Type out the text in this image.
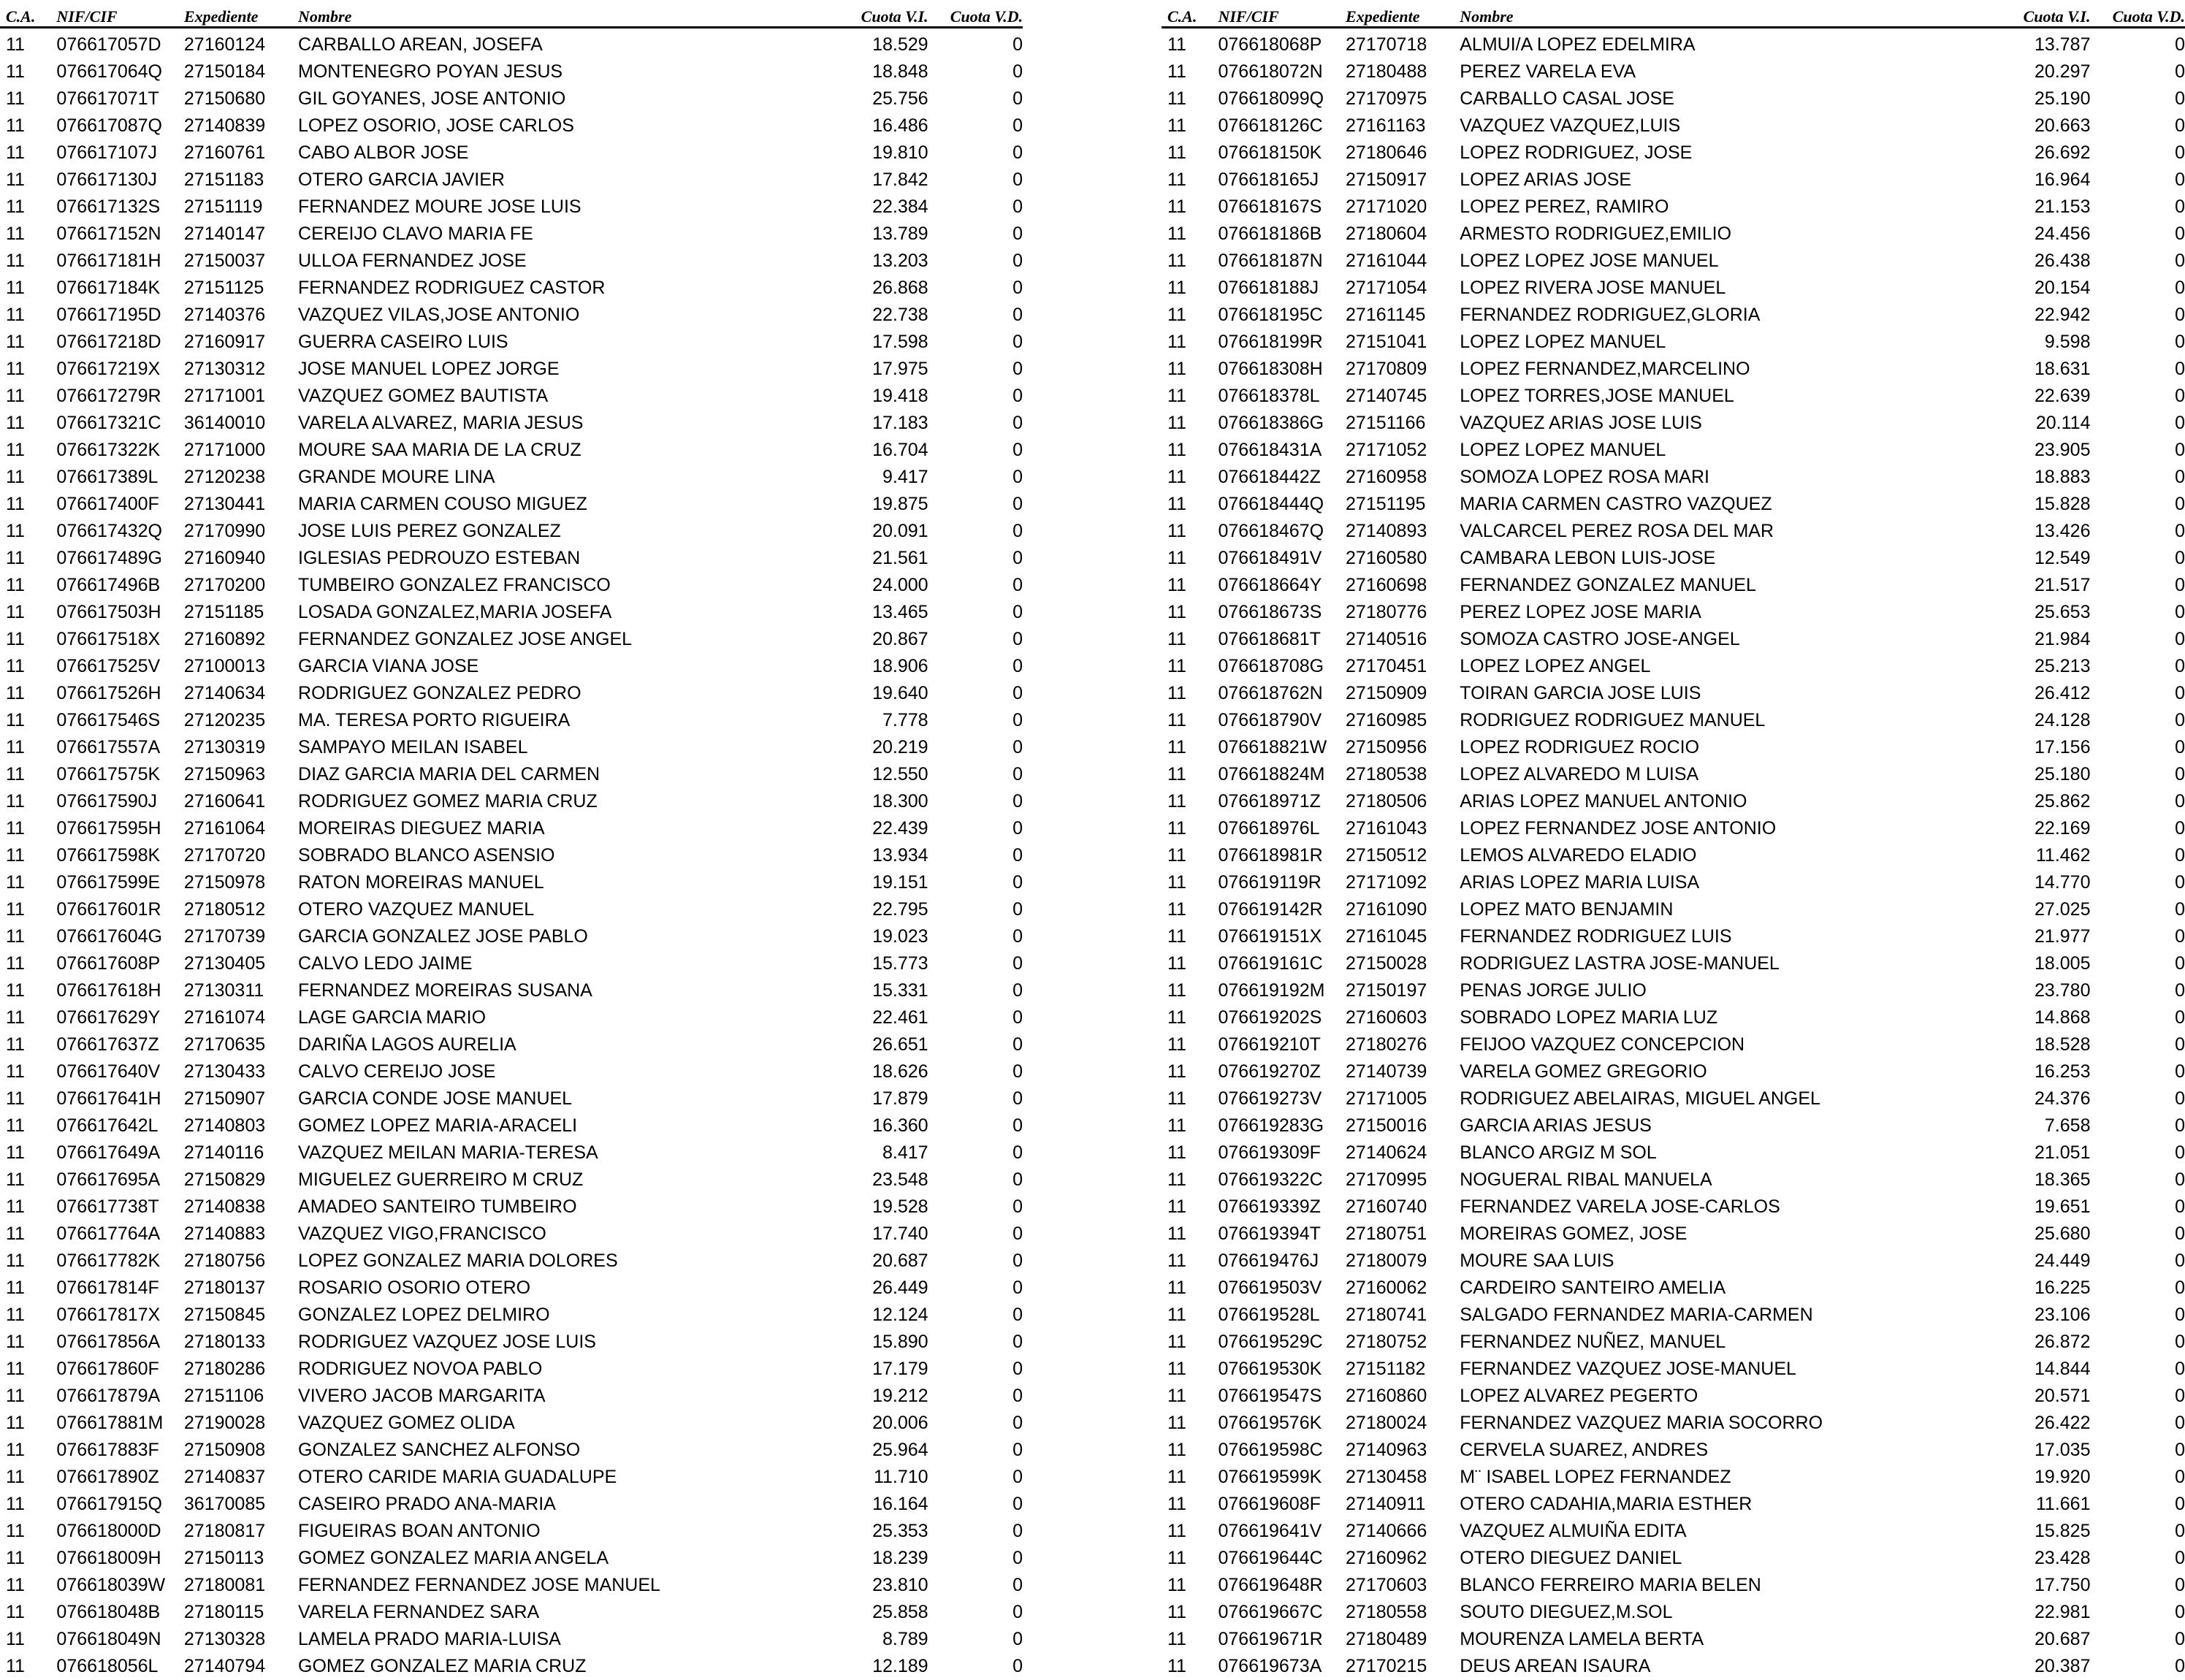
C.A.	NIF/CIF	Expediente	Nombre	Cuota V.I.	Cuota V.D.
11	076617057D	27160124	CARBALLO AREAN, JOSEFA	18.529	0
11	076617064Q	27150184	MONTENEGRO POYAN JESUS	18.848	0
11	076617071T	27150680	GIL GOYANES, JOSE ANTONIO	25.756	0
11	076617087Q	27140839	LOPEZ OSORIO, JOSE CARLOS	16.486	0
11	076617107J	27160761	CABO ALBOR JOSE	19.810	0
11	076617130J	27151183	OTERO GARCIA JAVIER	17.842	0
11	076617132S	27151119	FERNANDEZ MOURE JOSE LUIS	22.384	0
11	076617152N	27140147	CEREIJO CLAVO MARIA FE	13.789	0
11	076617181H	27150037	ULLOA FERNANDEZ JOSE	13.203	0
11	076617184K	27151125	FERNANDEZ RODRIGUEZ CASTOR	26.868	0
11	076617195D	27140376	VAZQUEZ VILAS,JOSE ANTONIO	22.738	0
11	076617218D	27160917	GUERRA CASEIRO LUIS	17.598	0
11	076617219X	27130312	JOSE MANUEL LOPEZ JORGE	17.975	0
11	076617279R	27171001	VAZQUEZ GOMEZ BAUTISTA	19.418	0
11	076617321C	36140010	VARELA ALVAREZ, MARIA JESUS	17.183	0
11	076617322K	27171000	MOURE SAA MARIA DE LA CRUZ	16.704	0
11	076617389L	27120238	GRANDE MOURE LINA	9.417	0
11	076617400F	27130441	MARIA CARMEN COUSO MIGUEZ	19.875	0
11	076617432Q	27170990	JOSE LUIS PEREZ GONZALEZ	20.091	0
11	076617489G	27160940	IGLESIAS PEDROUZO ESTEBAN	21.561	0
11	076617496B	27170200	TUMBEIRO GONZALEZ FRANCISCO	24.000	0
11	076617503H	27151185	LOSADA GONZALEZ,MARIA JOSEFA	13.465	0
11	076617518X	27160892	FERNANDEZ GONZALEZ JOSE ANGEL	20.867	0
11	076617525V	27100013	GARCIA VIANA JOSE	18.906	0
11	076617526H	27140634	RODRIGUEZ GONZALEZ PEDRO	19.640	0
11	076617546S	27120235	MA. TERESA PORTO RIGUEIRA	7.778	0
11	076617557A	27130319	SAMPAYO MEILAN ISABEL	20.219	0
11	076617575K	27150963	DIAZ GARCIA MARIA DEL CARMEN	12.550	0
11	076617590J	27160641	RODRIGUEZ GOMEZ MARIA CRUZ	18.300	0
11	076617595H	27161064	MOREIRAS DIEGUEZ MARIA	22.439	0
11	076617598K	27170720	SOBRADO BLANCO ASENSIO	13.934	0
11	076617599E	27150978	RATON MOREIRAS MANUEL	19.151	0
11	076617601R	27180512	OTERO VAZQUEZ MANUEL	22.795	0
11	076617604G	27170739	GARCIA GONZALEZ JOSE PABLO	19.023	0
11	076617608P	27130405	CALVO LEDO JAIME	15.773	0
11	076617618H	27130311	FERNANDEZ MOREIRAS SUSANA	15.331	0
11	076617629Y	27161074	LAGE GARCIA MARIO	22.461	0
11	076617637Z	27170635	DARIÑA LAGOS AURELIA	26.651	0
11	076617640V	27130433	CALVO CEREIJO JOSE	18.626	0
11	076617641H	27150907	GARCIA CONDE JOSE MANUEL	17.879	0
11	076617642L	27140803	GOMEZ LOPEZ MARIA-ARACELI	16.360	0
11	076617649A	27140116	VAZQUEZ MEILAN MARIA-TERESA	8.417	0
11	076617695A	27150829	MIGUELEZ GUERREIRO M CRUZ	23.548	0
11	076617738T	27140838	AMADEO SANTEIRO TUMBEIRO	19.528	0
11	076617764A	27140883	VAZQUEZ VIGO,FRANCISCO	17.740	0
11	076617782K	27180756	LOPEZ GONZALEZ MARIA DOLORES	20.687	0
11	076617814F	27180137	ROSARIO OSORIO OTERO	26.449	0
11	076617817X	27150845	GONZALEZ LOPEZ DELMIRO	12.124	0
11	076617856A	27180133	RODRIGUEZ VAZQUEZ JOSE LUIS	15.890	0
11	076617860F	27180286	RODRIGUEZ NOVOA PABLO	17.179	0
11	076617879A	27151106	VIVERO JACOB MARGARITA	19.212	0
11	076617881M	27190028	VAZQUEZ GOMEZ OLIDA	20.006	0
11	076617883F	27150908	GONZALEZ SANCHEZ ALFONSO	25.964	0
11	076617890Z	27140837	OTERO CARIDE MARIA GUADALUPE	11.710	0
11	076617915Q	36170085	CASEIRO PRADO ANA-MARIA	16.164	0
11	076618000D	27180817	FIGUEIRAS BOAN ANTONIO	25.353	0
11	076618009H	27150113	GOMEZ GONZALEZ MARIA ANGELA	18.239	0
11	076618039W	27180081	FERNANDEZ FERNANDEZ JOSE MANUEL	23.810	0
11	076618048B	27180115	VARELA FERNANDEZ SARA	25.858	0
11	076618049N	27130328	LAMELA PRADO MARIA-LUISA	8.789	0
11	076618056L	27140794	GOMEZ GONZALEZ MARIA CRUZ	12.189	0
C.A.	NIF/CIF	Expediente	Nombre	Cuota V.I.	Cuota V.D.
11	076618068P	27170718	ALMUI/A LOPEZ EDELMIRA	13.787	0
11	076618072N	27180488	PEREZ VARELA EVA	20.297	0
11	076618099Q	27170975	CARBALLO CASAL JOSE	25.190	0
11	076618126C	27161163	VAZQUEZ VAZQUEZ,LUIS	20.663	0
11	076618150K	27180646	LOPEZ RODRIGUEZ, JOSE	26.692	0
11	076618165J	27150917	LOPEZ ARIAS JOSE	16.964	0
11	076618167S	27171020	LOPEZ PEREZ, RAMIRO	21.153	0
11	076618186B	27180604	ARMESTO RODRIGUEZ,EMILIO	24.456	0
11	076618187N	27161044	LOPEZ LOPEZ JOSE MANUEL	26.438	0
11	076618188J	27171054	LOPEZ RIVERA JOSE MANUEL	20.154	0
11	076618195C	27161145	FERNANDEZ RODRIGUEZ,GLORIA	22.942	0
11	076618199R	27151041	LOPEZ LOPEZ MANUEL	9.598	0
11	076618308H	27170809	LOPEZ FERNANDEZ,MARCELINO	18.631	0
11	076618378L	27140745	LOPEZ TORRES,JOSE MANUEL	22.639	0
11	076618386G	27151166	VAZQUEZ ARIAS JOSE LUIS	20.114	0
11	076618431A	27171052	LOPEZ LOPEZ MANUEL	23.905	0
11	076618442Z	27160958	SOMOZA LOPEZ ROSA MARI	18.883	0
11	076618444Q	27151195	MARIA CARMEN CASTRO VAZQUEZ	15.828	0
11	076618467Q	27140893	VALCARCEL PEREZ ROSA DEL MAR	13.426	0
11	076618491V	27160580	CAMBARA LEBON LUIS-JOSE	12.549	0
11	076618664Y	27160698	FERNANDEZ GONZALEZ MANUEL	21.517	0
11	076618673S	27180776	PEREZ LOPEZ JOSE MARIA	25.653	0
11	076618681T	27140516	SOMOZA CASTRO JOSE-ANGEL	21.984	0
11	076618708G	27170451	LOPEZ LOPEZ ANGEL	25.213	0
11	076618762N	27150909	TOIRAN GARCIA JOSE LUIS	26.412	0
11	076618790V	27160985	RODRIGUEZ RODRIGUEZ MANUEL	24.128	0
11	076618821W	27150956	LOPEZ RODRIGUEZ ROCIO	17.156	0
11	076618824M	27180538	LOPEZ ALVAREDO M LUISA	25.180	0
11	076618971Z	27180506	ARIAS LOPEZ MANUEL ANTONIO	25.862	0
11	076618976L	27161043	LOPEZ FERNANDEZ JOSE ANTONIO	22.169	0
11	076618981R	27150512	LEMOS ALVAREDO ELADIO	11.462	0
11	076619119R	27171092	ARIAS LOPEZ MARIA LUISA	14.770	0
11	076619142R	27161090	LOPEZ MATO BENJAMIN	27.025	0
11	076619151X	27161045	FERNANDEZ RODRIGUEZ LUIS	21.977	0
11	076619161C	27150028	RODRIGUEZ LASTRA JOSE-MANUEL	18.005	0
11	076619192M	27150197	PENAS JORGE JULIO	23.780	0
11	076619202S	27160603	SOBRADO LOPEZ MARIA LUZ	14.868	0
11	076619210T	27180276	FEIJOO VAZQUEZ CONCEPCION	18.528	0
11	076619270Z	27140739	VARELA GOMEZ GREGORIO	16.253	0
11	076619273V	27171005	RODRIGUEZ ABELAIRAS, MIGUEL ANGEL	24.376	0
11	076619283G	27150016	GARCIA ARIAS JESUS	7.658	0
11	076619309F	27140624	BLANCO ARGIZ M SOL	21.051	0
11	076619322C	27170995	NOGUERAL RIBAL MANUELA	18.365	0
11	076619339Z	27160740	FERNANDEZ VARELA JOSE-CARLOS	19.651	0
11	076619394T	27180751	MOREIRAS GOMEZ, JOSE	25.680	0
11	076619476J	27180079	MOURE SAA LUIS	24.449	0
11	076619503V	27160062	CARDEIRO SANTEIRO AMELIA	16.225	0
11	076619528L	27180741	SALGADO FERNANDEZ MARIA-CARMEN	23.106	0
11	076619529C	27180752	FERNANDEZ NUÑEZ, MANUEL	26.872	0
11	076619530K	27151182	FERNANDEZ VAZQUEZ JOSE-MANUEL	14.844	0
11	076619547S	27160860	LOPEZ ALVAREZ PEGERTO	20.571	0
11	076619576K	27180024	FERNANDEZ VAZQUEZ MARIA SOCORRO	26.422	0
11	076619598C	27140963	CERVELA SUAREZ, ANDRES	17.035	0
11	076619599K	27130458	M¨ ISABEL LOPEZ FERNANDEZ	19.920	0
11	076619608F	27140911	OTERO CADAHIA,MARIA ESTHER	11.661	0
11	076619641V	27140666	VAZQUEZ ALMUIÑA EDITA	15.825	0
11	076619644C	27160962	OTERO DIEGUEZ DANIEL	23.428	0
11	076619648R	27170603	BLANCO FERREIRO MARIA BELEN	17.750	0
11	076619667C	27180558	SOUTO DIEGUEZ,M.SOL	22.981	0
11	076619671R	27180489	MOURENZA LAMELA BERTA	20.687	0
11	076619673A	27170215	DEUS AREAN ISAURA	20.387	0
